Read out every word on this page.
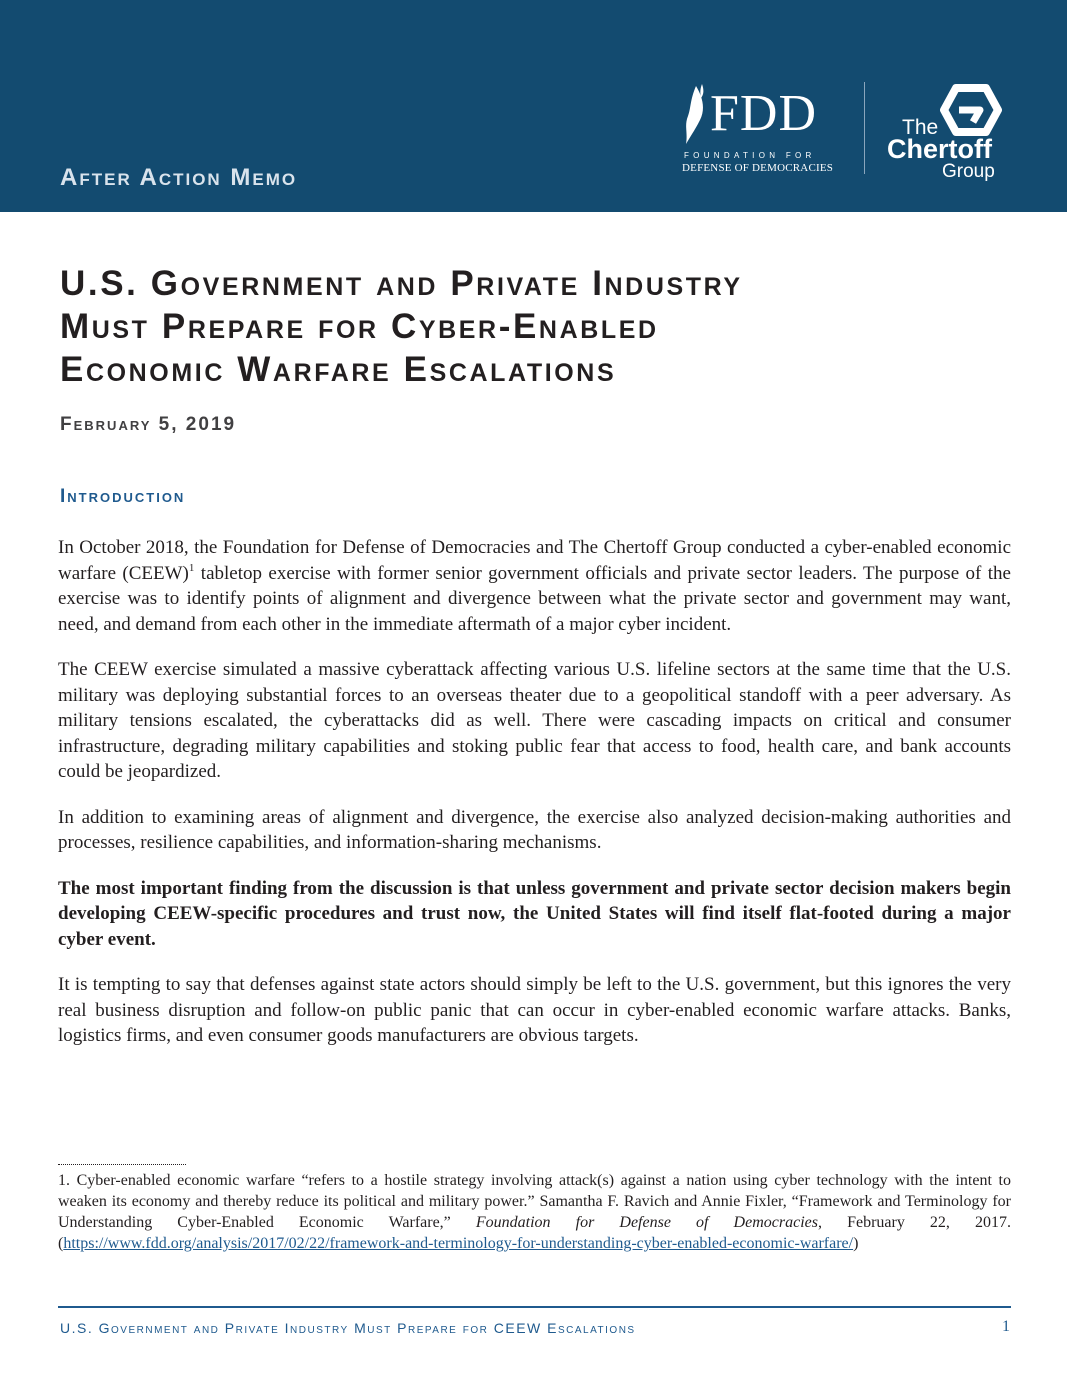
After Action Memo
FDD
FOUNDATION FOR
DEFENSE OF DEMOCRACIES
The
Chertoff
Group
U.S. Government and Private Industry
Must Prepare for Cyber-Enabled
Economic Warfare Escalations
February 5, 2019
Introduction

In October 2018, the Foundation for Defense of Democracies and The Chertoff Group conducted a cyber-enabled economic warfare (CEEW)$^1$ tabletop exercise with former senior government officials and private sector leaders. The purpose of the exercise was to identify points of alignment and divergence between what the private sector and government may want, need, and demand from each other in the immediate aftermath of a major cyber incident.

The CEEW exercise simulated a massive cyberattack affecting various U.S. lifeline sectors at the same time that the U.S. military was deploying substantial forces to an overseas theater due to a geopolitical standoff with a peer adversary. As military tensions escalated, the cyberattacks did as well. There were cascading impacts on critical and consumer infrastructure, degrading military capabilities and stoking public fear that access to food, health care, and bank accounts could be jeopardized.

In addition to examining areas of alignment and divergence, the exercise also analyzed decision-making authorities and processes, resilience capabilities, and information-sharing mechanisms.

The most important finding from the discussion is that unless government and private sector decision makers begin developing CEEW-specific procedures and trust now, the United States will find itself flat-footed during a major cyber event.

It is tempting to say that defenses against state actors should simply be left to the U.S. government, but this ignores the very real business disruption and follow-on public panic that can occur in cyber-enabled economic warfare attacks. Banks, logistics firms, and even consumer goods manufacturers are obvious targets.

1. Cyber-enabled economic warfare “refers to a hostile strategy involving attack(s) against a nation using cyber technology with the intent to weaken its economy and thereby reduce its political and military power.” Samantha F. Ravich and Annie Fixler, “Framework and Terminology for Understanding Cyber-Enabled Economic Warfare,” Foundation for Defense of Democracies, February 22, 2017. (https://www.fdd.org/analysis/2017/02/22/framework-and-terminology-for-understanding-cyber-enabled-economic-warfare/)

U.S. Government and Private Industry Must Prepare for CEEW Escalations	1
